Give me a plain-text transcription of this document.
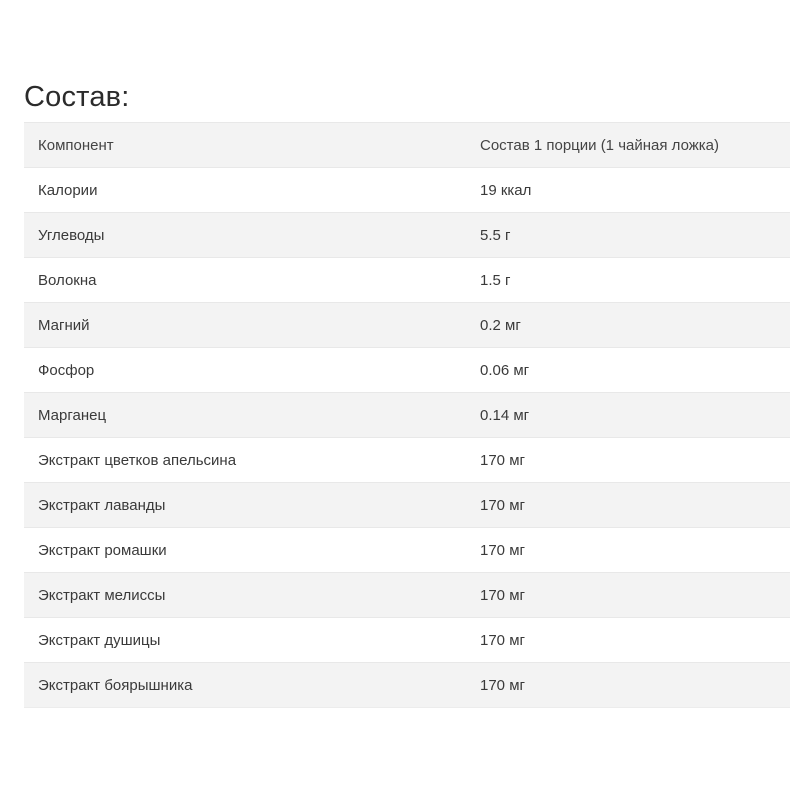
Состав:
Компонент	Состав 1 порции (1 чайная ложка)
Калории	19 ккал
Углеводы	5.5 г
Волокна	1.5 г
Магний	0.2 мг
Фосфор	0.06 мг
Марганец	0.14 мг
Экстракт цветков апельсина	170 мг
Экстракт лаванды	170 мг
Экстракт ромашки	170 мг
Экстракт мелиссы	170 мг
Экстракт душицы	170 мг
Экстракт боярышника	170 мг
